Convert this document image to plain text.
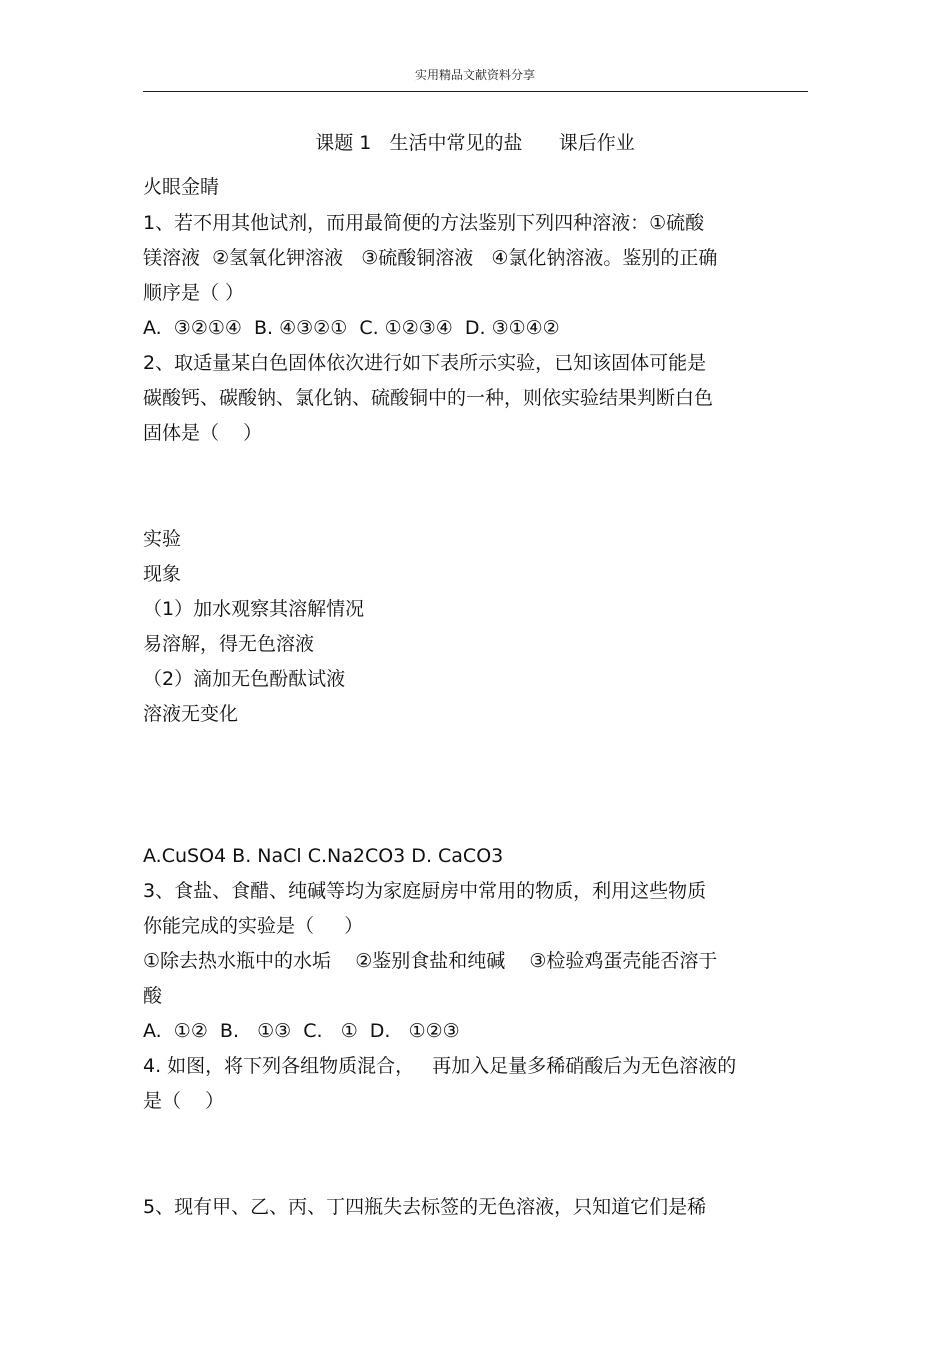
实用精品文献资料分享
课题 1   生活中常见的盐      课后作业
火眼金睛
1、若不用其他试剂，而用最简便的方法鉴别下列四种溶液：①硫酸
镁溶液  ②氢氧化钾溶液   ③硫酸铜溶液   ④氯化钠溶液。鉴别的正确
顺序是（ ）
A.  ③②①④  B. ④③②①  C. ①②③④  D. ③①④②
2、取适量某白色固体依次进行如下表所示实验，已知该固体可能是
碳酸钙、碳酸钠、氯化钠、硫酸铜中的一种，则依实验结果判断白色
固体是（    ）
实验
现象
（1）加水观察其溶解情况
易溶解，得无色溶液
（2）滴加无色酚酞试液
溶液无变化
A.CuSO4 B. NaCl C.Na2CO3 D. CaCO3
3、食盐、食醋、纯碱等均为家庭厨房中常用的物质，利用这些物质
你能完成的实验是（     ）
①除去热水瓶中的水垢    ②鉴别食盐和纯碱    ③检验鸡蛋壳能否溶于
酸
A.  ①②  B.   ①③  C.   ①  D.   ①②③
4. 如图，将下列各组物质混合，   再加入足量多稀硝酸后为无色溶液的
是（    ）
5、现有甲、乙、丙、丁四瓶失去标签的无色溶液，只知道它们是稀
